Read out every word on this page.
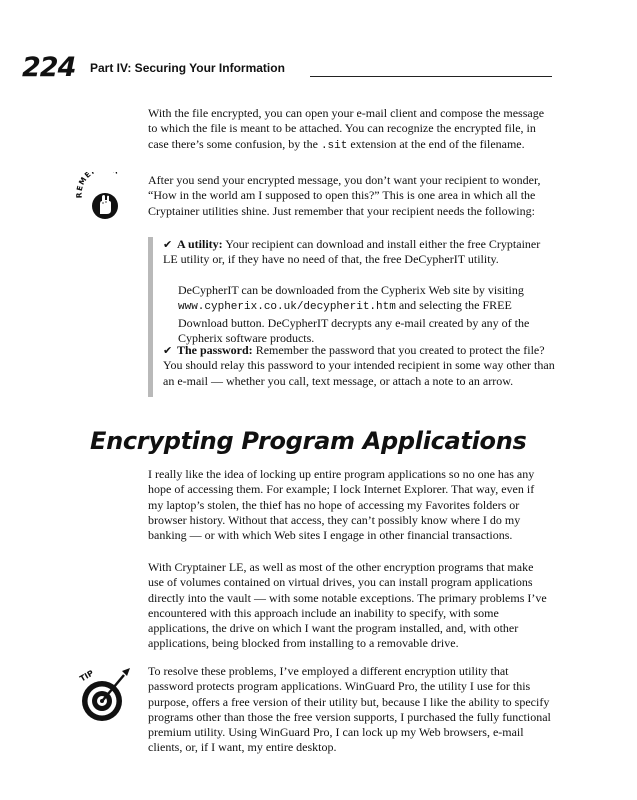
224 Part IV: Securing Your Information

With the file encrypted, you can open your e-mail client and compose the message to which the file is meant to be attached. You can recognize the encrypted file, in case there’s some confusion, by the .sit extension at the end of the filename.

ME	After you send your encrypted message, you don’t want your recipient to wonder, “How in the world am I supposed to open this?” This is one area in which all the Cryptainer utilities shine. Just remember that your recipient needs the following:

✔ A utility: Your recipient can download and install either the free Cryptainer LE utility or, if they have no need of that, the free DeCypherIT utility.

DeCypherIT can be downloaded from the Cypherix Web site by visiting www.cypherix.co.uk/decypherit.htm and selecting the FREE Download button. DeCypherIT decrypts any e-mail created by any of the Cypherix software products.

✔ The password: Remember the password that you created to protect the file? You should relay this password to your intended recipient in some way other than an e-mail — whether you call, text message, or attach a note to an arrow.

Encrypting Program Applications

I really like the idea of locking up entire program applications so no one has any hope of accessing them. For example; I lock Internet Explorer. That way, even if my laptop’s stolen, the thief has no hope of accessing my Favorites folders or browser history. Without that access, they can’t possibly know where I do my banking — or with which Web sites I engage in other financial transactions.

With Cryptainer LE, as well as most of the other encryption programs that make use of volumes contained on virtual drives, you can install program applications directly into the vault — with some notable exceptions. The primary problems I’ve encountered with this approach include an inability to specify, with some applications, the drive on which I want the program installed, and, with other applications, being blocked from installing to a removable drive.

TIP	To resolve these problems, I’ve employed a different encryption utility that password protects program applications. WinGuard Pro, the utility I use for this purpose, offers a free version of their utility but, because I like the ability to specify programs other than those the free version supports, I purchased the fully functional premium utility. Using WinGuard Pro, I can lock up my Web browsers, e-mail clients, or, if I want, my entire desktop.
